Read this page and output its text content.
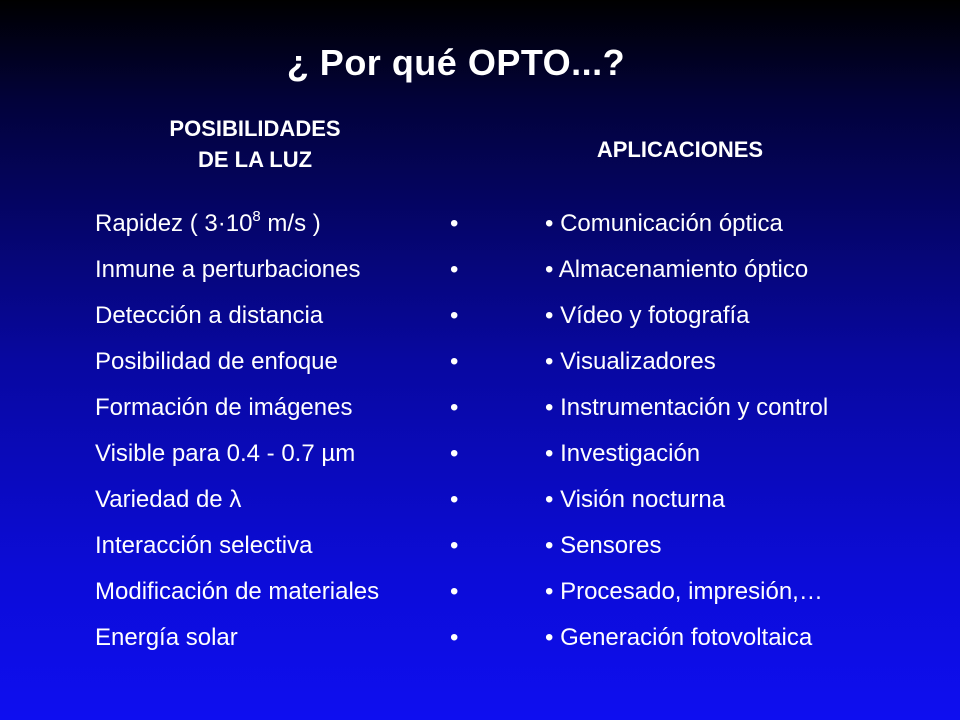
¿ Por qué OPTO...?
POSIBILIDADES
DE LA LUZ	APLICACIONES
Rapidez ( $3\cdot 10^8$ m/s )	•	• Comunicación óptica
Inmune a perturbaciones	•	• Almacenamiento óptico
Detección a distancia	•	• Vídeo y fotografía
Posibilidad de enfoque	•	• Visualizadores
Formación de imágenes	•	• Instrumentación y control
Visible para 0.4 - 0.7 µm	•	• Investigación
Variedad de λ	•	• Visión nocturna
Interacción selectiva	•	• Sensores
Modificación de materiales	•	• Procesado, impresión,…
Energía solar	•	• Generación fotovoltaica
